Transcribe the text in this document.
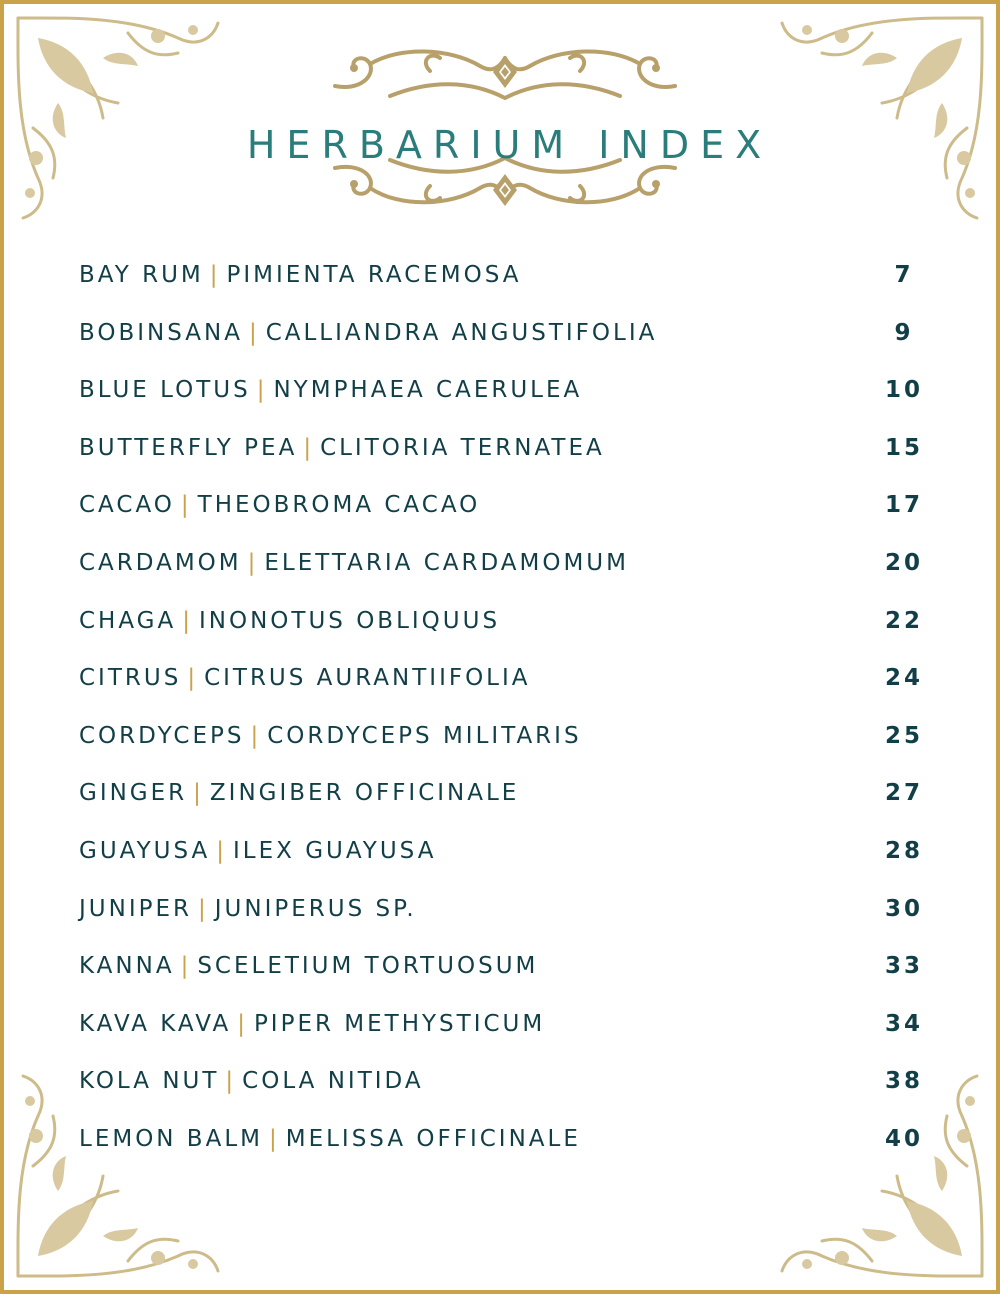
HERBARIUM INDEX
BAY RUM | PIMIENTA RACEMOSA	7
BOBINSANA | CALLIANDRA ANGUSTIFOLIA	9
BLUE LOTUS | NYMPHAEA CAERULEA	10
BUTTERFLY PEA | CLITORIA TERNATEA	15
CACAO | THEOBROMA CACAO	17
CARDAMOM | ELETTARIA CARDAMOMUM	20
CHAGA | INONOTUS OBLIQUUS	22
CITRUS | CITRUS AURANTIIFOLIA	24
CORDYCEPS | CORDYCEPS MILITARIS	25
GINGER | ZINGIBER OFFICINALE	27
GUAYUSA | ILEX GUAYUSA	28
JUNIPER | JUNIPERUS SP.	30
KANNA | SCELETIUM TORTUOSUM	33
KAVA KAVA | PIPER METHYSTICUM	34
KOLA NUT | COLA NITIDA	38
LEMON BALM | MELISSA OFFICINALE	40
